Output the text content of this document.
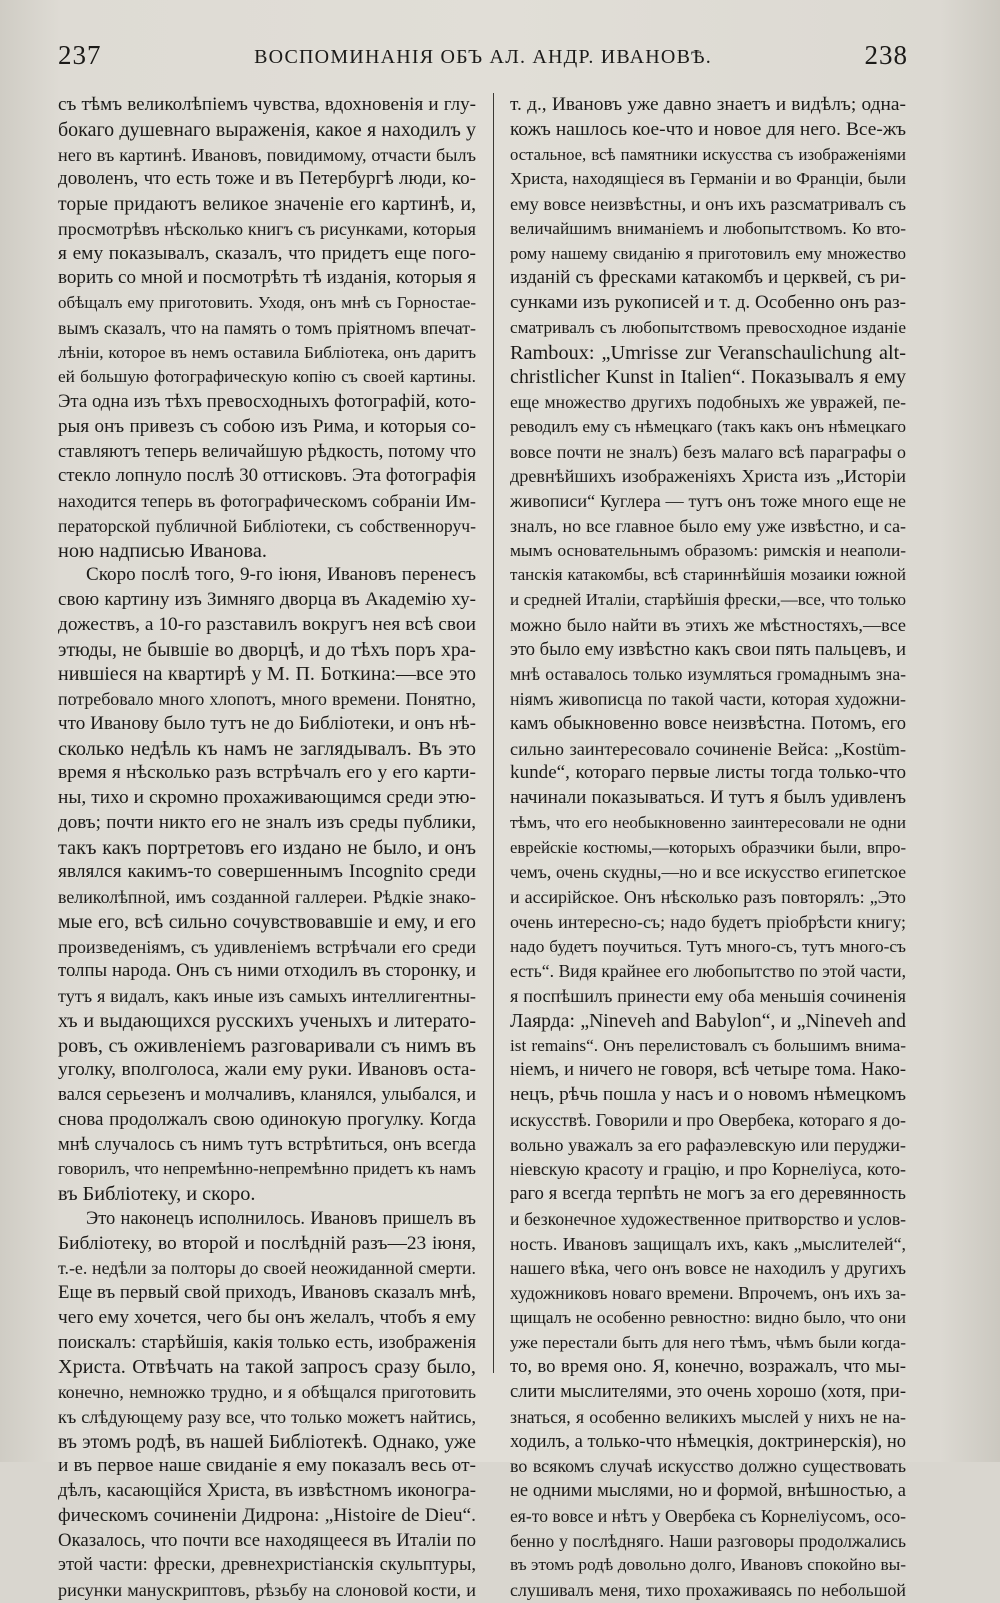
237	ВОСПОМИНАНІЯ ОБЪ АЛ. АНДР. ИВАНОВѢ.	238
съ тѣмъ великолѣпіемъ чувства, вдохновенія и глу-
бокаго душевнаго выраженія, какое я находилъ у
него въ картинѣ. Ивановъ, повидимому, отчасти былъ
доволенъ, что есть тоже и въ Петербургѣ люди, ко-
торые придаютъ великое значеніе его картинѣ, и,
просмотрѣвъ нѣсколько книгъ съ рисунками, которыя
я ему показывалъ, сказалъ, что придетъ еще пого-
ворить со мной и посмотрѣть тѣ изданія, которыя я
обѣщалъ ему приготовить. Уходя, онъ мнѣ съ Горностае-
вымъ сказалъ, что на память о томъ пріятномъ впечат-
лѣніи, которое въ немъ оставила Библіотека, онъ даритъ
ей большую фотографическую копію съ своей картины.
Эта одна изъ тѣхъ превосходныхъ фотографій, кото-
рыя онъ привезъ съ собою изъ Рима, и которыя со-
ставляютъ теперь величайшую рѣдкость, потому что
стекло лопнуло послѣ 30 оттисковъ. Эта фотографія
находится теперь въ фотографическомъ собраніи Им-
ператорской публичной Библіотеки, съ собственноруч-
ною надписью Иванова.
Скоро послѣ того, 9-го іюня, Ивановъ перенесъ
свою картину изъ Зимняго дворца въ Академію ху-
дожествъ, а 10-го разставилъ вокругъ нея всѣ свои
этюды, не бывшіе во дворцѣ, и до тѣхъ поръ хра-
нившіеся на квартирѣ у М. П. Боткина:—все это
потребовало много хлопотъ, много времени. Понятно,
что Иванову было тутъ не до Библіотеки, и онъ нѣ-
сколько недѣль къ намъ не заглядывалъ. Въ это
время я нѣсколько разъ встрѣчалъ его у его карти-
ны, тихо и скромно прохаживающимся среди этю-
довъ; почти никто его не зналъ изъ среды публики,
такъ какъ портретовъ его издано не было, и онъ
являлся какимъ-то совершеннымъ Incognito среди
великолѣпной, имъ созданной галлереи. Рѣдкіе знако-
мые его, всѣ сильно сочувствовавшіе и ему, и его
произведеніямъ, съ удивленіемъ встрѣчали его среди
толпы народа. Онъ съ ними отходилъ въ сторонку, и
тутъ я видалъ, какъ иные изъ самыхъ интеллигентны-
хъ и выдающихся русскихъ ученыхъ и литерато-
ровъ, съ оживленіемъ разговаривали съ нимъ въ
уголку, вполголоса, жали ему руки. Ивановъ оста-
вался серьезенъ и молчаливъ, кланялся, улыбался, и
снова продолжалъ свою одинокую прогулку. Когда
мнѣ случалось съ нимъ тутъ встрѣтиться, онъ всегда
говорилъ, что непремѣнно-непремѣнно придетъ къ намъ
въ Библіотеку, и скоро.
Это наконецъ исполнилось. Ивановъ пришелъ въ
Библіотеку, во второй и послѣдній разъ—23 іюня,
т.-е. недѣли за полторы до своей неожиданной смерти.
Еще въ первый свой приходъ, Ивановъ сказалъ мнѣ,
чего ему хочется, чего бы онъ желалъ, чтобъ я ему
поискалъ: старѣйшія, какія только есть, изображенія
Христа. Отвѣчать на такой запросъ сразу было,
конечно, немножко трудно, и я обѣщался приготовить
къ слѣдующему разу все, что только можетъ найтись,
въ этомъ родѣ, въ нашей Библіотекѣ. Однако, уже
и въ первое наше свиданіе я ему показалъ весь от-
дѣлъ, касающійся Христа, въ извѣстномъ иконогра-
фическомъ сочиненіи Дидрона: „Histoire de Dieu“.
Оказалось, что почти все находящееся въ Италіи по
этой части: фрески, древнехристіанскія скульптуры,
рисунки манускриптовъ, рѣзьбу на слоновой кости, и
т. д., Ивановъ уже давно знаетъ и видѣлъ; одна-
кожъ нашлось кое-что и новое для него. Все-жъ
остальное, всѣ памятники искусства съ изображеніями
Христа, находящіеся въ Германіи и во Франціи, были
ему вовсе неизвѣстны, и онъ ихъ разсматривалъ съ
величайшимъ вниманіемъ и любопытствомъ. Ко вто-
рому нашему свиданію я приготовилъ ему множество
изданій съ фресками катакомбъ и церквей, съ ри-
сунками изъ рукописей и т. д. Особенно онъ раз-
сматривалъ съ любопытствомъ превосходное изданіе
Ramboux: „Umrisse zur Veranschaulichung alt-
christlicher Kunst in Italien“. Показывалъ я ему
еще множество другихъ подобныхъ же увражей, пе-
реводилъ ему съ нѣмецкаго (такъ какъ онъ нѣмецкаго
вовсе почти не зналъ) безъ малаго всѣ параграфы о
древнѣйшихъ изображеніяхъ Христа изъ „Исторіи
живописи“ Куглера — тутъ онъ тоже много еще не
зналъ, но все главное было ему уже извѣстно, и са-
мымъ основательнымъ образомъ: римскія и неаполи-
танскія катакомбы, всѣ стариннѣйшія мозаики южной
и средней Италіи, старѣйшія фрески,—все, что только
можно было найти въ этихъ же мѣстностяхъ,—все
это было ему извѣстно какъ свои пять пальцевъ, и
мнѣ оставалось только изумляться громаднымъ зна-
ніямъ живописца по такой части, которая художни-
камъ обыкновенно вовсе неизвѣстна. Потомъ, его
сильно заинтересовало сочиненіе Вейса: „Kostüm-
kunde“, котораго первые листы тогда только-что
начинали показываться. И тутъ я былъ удивленъ
тѣмъ, что его необыкновенно заинтересовали не одни
еврейскіе костюмы,—которыхъ образчики были, впро-
чемъ, очень скудны,—но и все искусство египетское
и ассирійское. Онъ нѣсколько разъ повторялъ: „Это
очень интересно-съ; надо будетъ пріобрѣсти книгу;
надо будетъ поучиться. Тутъ много-съ, тутъ много-съ
есть“. Видя крайнее его любопытство по этой части,
я поспѣшилъ принести ему оба меньшія сочиненія
Лаярда: „Nineveh and Babylon“, и „Nineveh and
ist remains“. Онъ перелистовалъ съ большимъ внима-
ніемъ, и ничего не говоря, всѣ четыре тома. Нако-
нецъ, рѣчь пошла у насъ и о новомъ нѣмецкомъ
искусствѣ. Говорили и про Овербека, котораго я до-
вольно уважалъ за его рафаэлевскую или перуджи-
ніевскую красоту и грацію, и про Корнеліуса, кото-
раго я всегда терпѣть не могъ за его деревянность
и безконечное художественное притворство и услов-
ность. Ивановъ защищалъ ихъ, какъ „мыслителей“,
нашего вѣка, чего онъ вовсе не находилъ у другихъ
художниковъ новаго времени. Впрочемъ, онъ ихъ за-
щищалъ не особенно ревностно: видно было, что они
уже перестали быть для него тѣмъ, чѣмъ были когда-
то, во время оно. Я, конечно, возражалъ, что мы-
слити мыслителями, это очень хорошо (хотя, при-
знаться, я особенно великихъ мыслей у нихъ не на-
ходилъ, а только-что нѣмецкія, доктринерскія), но
во всякомъ случаѣ искусство должно существовать
не одними мыслями, но и формой, внѣшностью, а
ея-то вовсе и нѣтъ у Овербека съ Корнеліусомъ, осо-
бенно у послѣдняго. Наши разговоры продолжались
въ этомъ родѣ довольно долго, Ивановъ спокойно вы-
слушивалъ меня, тихо прохаживаясь по небольшой
